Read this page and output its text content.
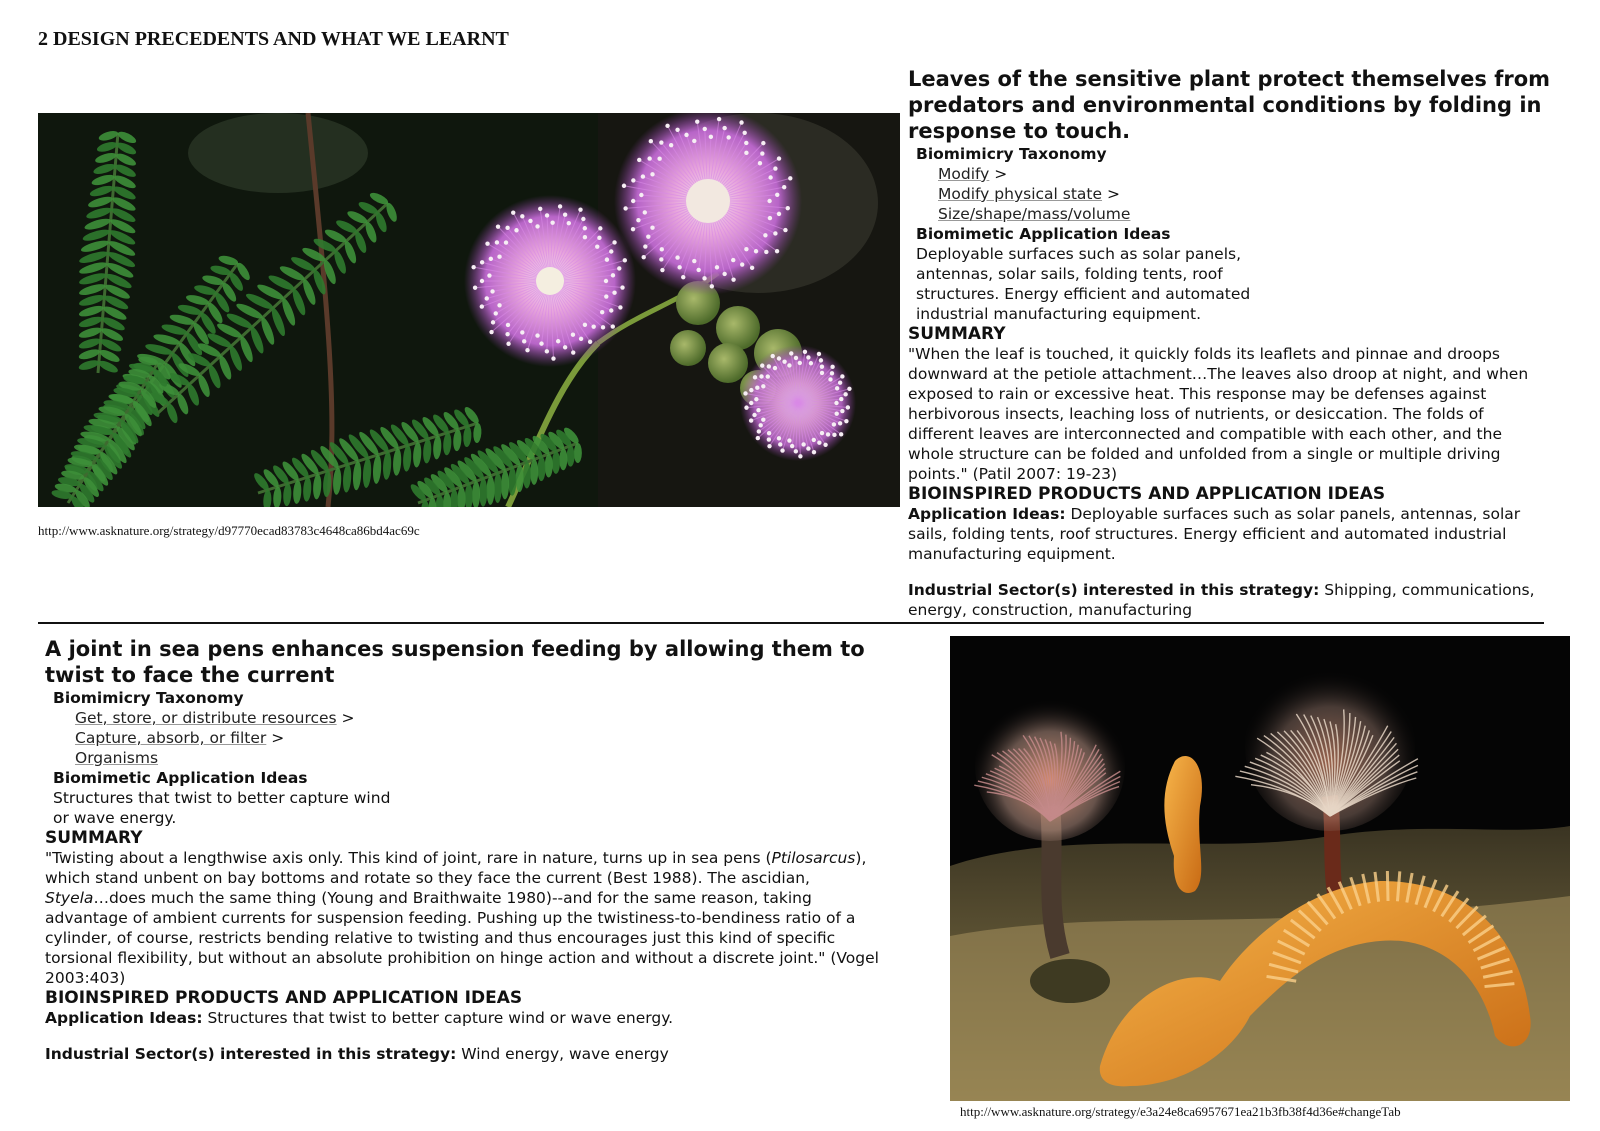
2 DESIGN PRECEDENTS AND WHAT WE LEARNT
http://www.asknature.org/strategy/d97770ecad83783c4648ca86bd4ac69c
Leaves of the sensitive plant protect themselves from predators and environmental conditions by folding in response to touch.
Biomimicry Taxonomy
Modify >
Modify physical state >
Size/shape/mass/volume
Biomimetic Application Ideas
Deployable surfaces such as solar panels,
antennas, solar sails, folding tents, roof
structures. Energy efficient and automated
industrial manufacturing equipment.
SUMMARY
"When the leaf is touched, it quickly folds its leaflets and pinnae and droops
downward at the petiole attachment…The leaves also droop at night, and when
exposed to rain or excessive heat. This response may be defenses against
herbivorous insects, leaching loss of nutrients, or desiccation. The folds of
different leaves are interconnected and compatible with each other, and the
whole structure can be folded and unfolded from a single or multiple driving
points." (Patil 2007: 19-23)
BIOINSPIRED PRODUCTS AND APPLICATION IDEAS
Application Ideas: Deployable surfaces such as solar panels, antennas, solar
sails, folding tents, roof structures. Energy efficient and automated industrial
manufacturing equipment.
Industrial Sector(s) interested in this strategy: Shipping, communications,
energy, construction, manufacturing
A joint in sea pens enhances suspension feeding by allowing them to
twist to face the current
Biomimicry Taxonomy
Get, store, or distribute resources >
Capture, absorb, or filter >
Organisms
Biomimetic Application Ideas
Structures that twist to better capture wind
or wave energy.
SUMMARY
"Twisting about a lengthwise axis only. This kind of joint, rare in nature, turns up in sea pens (Ptilosarcus),
which stand unbent on bay bottoms and rotate so they face the current (Best 1988). The ascidian,
Styela…does much the same thing (Young and Braithwaite 1980)--and for the same reason, taking
advantage of ambient currents for suspension feeding. Pushing up the twistiness-to-bendiness ratio of a
cylinder, of course, restricts bending relative to twisting and thus encourages just this kind of specific
torsional flexibility, but without an absolute prohibition on hinge action and without a discrete joint." (Vogel
2003:403)
BIOINSPIRED PRODUCTS AND APPLICATION IDEAS
Application Ideas: Structures that twist to better capture wind or wave energy.
Industrial Sector(s) interested in this strategy: Wind energy, wave energy
http://www.asknature.org/strategy/e3a24e8ca6957671ea21b3fb38f4d36e#changeTab
